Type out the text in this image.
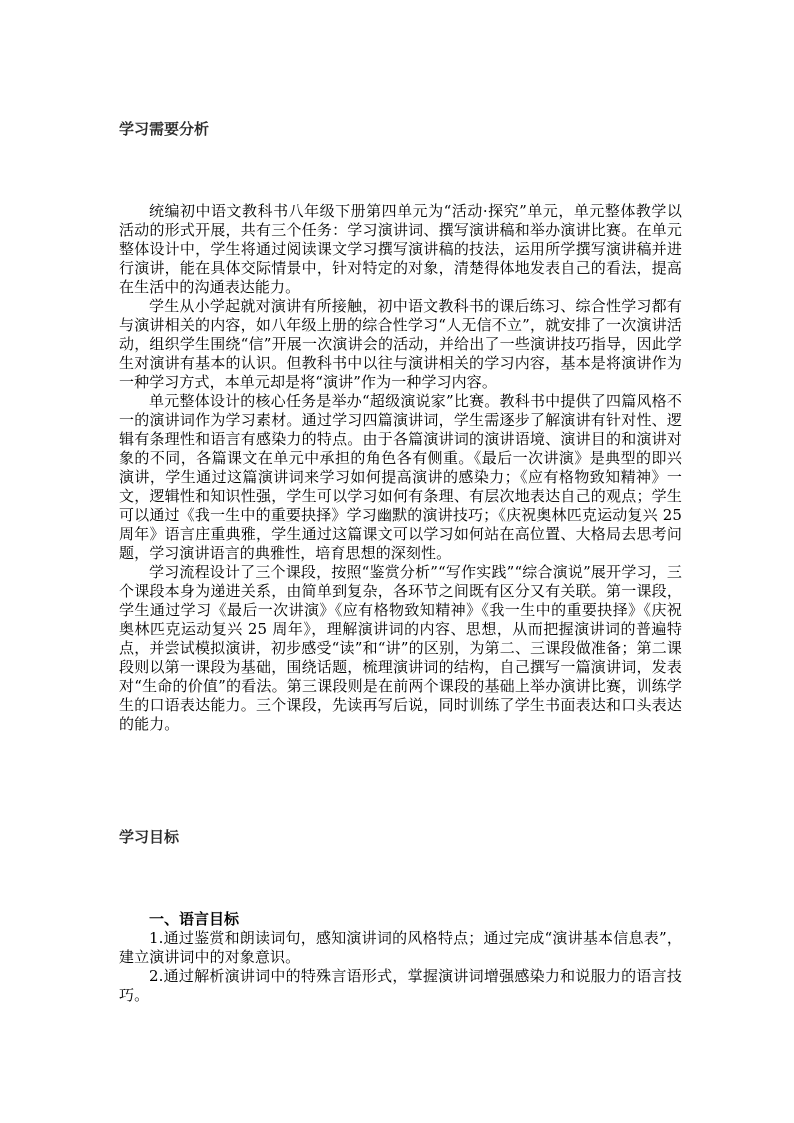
学习需要分析

统编初中语文教科书八年级下册第四单元为“活动·探究”单元，单元整体教学以活动的形式开展，共有三个任务：学习演讲词、撰写演讲稿和举办演讲比赛。在单元整体设计中，学生将通过阅读课文学习撰写演讲稿的技法，运用所学撰写演讲稿并进行演讲，能在具体交际情景中，针对特定的对象，清楚得体地发表自己的看法，提高在生活中的沟通表达能力。

学生从小学起就对演讲有所接触，初中语文教科书的课后练习、综合性学习都有与演讲相关的内容，如八年级上册的综合性学习“人无信不立”，就安排了一次演讲活动，组织学生围绕“信”开展一次演讲会的活动，并给出了一些演讲技巧指导，因此学生对演讲有基本的认识。但教科书中以往与演讲相关的学习内容，基本是将演讲作为一种学习方式，本单元却是将“演讲”作为一种学习内容。

单元整体设计的核心任务是举办“超级演说家”比赛。教科书中提供了四篇风格不一的演讲词作为学习素材。通过学习四篇演讲词，学生需逐步了解演讲有针对性、逻辑有条理性和语言有感染力的特点。由于各篇演讲词的演讲语境、演讲目的和演讲对象的不同，各篇课文在单元中承担的角色各有侧重。《最后一次讲演》是典型的即兴演讲，学生通过这篇演讲词来学习如何提高演讲的感染力；《应有格物致知精神》一文，逻辑性和知识性强，学生可以学习如何有条理、有层次地表达自己的观点；学生可以通过《我一生中的重要抉择》学习幽默的演讲技巧；《庆祝奥林匹克运动复兴 25 周年》语言庄重典雅，学生通过这篇课文可以学习如何站在高位置、大格局去思考问题，学习演讲语言的典雅性，培育思想的深刻性。

学习流程设计了三个课段，按照“鉴赏分析”“写作实践”“综合演说”展开学习，三个课段本身为递进关系，由简单到复杂，各环节之间既有区分又有关联。第一课段，学生通过学习《最后一次讲演》《应有格物致知精神》《我一生中的重要抉择》《庆祝奥林匹克运动复兴 25 周年》，理解演讲词的内容、思想，从而把握演讲词的普遍特点，并尝试模拟演讲，初步感受“读”和“讲”的区别，为第二、三课段做准备；第二课段则以第一课段为基础，围绕话题，梳理演讲词的结构，自己撰写一篇演讲词，发表对“生命的价值”的看法。第三课段则是在前两个课段的基础上举办演讲比赛，训练学生的口语表达能力。三个课段，先读再写后说，同时训练了学生书面表达和口头表达的能力。

学习目标

一、语言目标

1.通过鉴赏和朗读词句，感知演讲词的风格特点；通过完成“演讲基本信息表”，建立演讲词中的对象意识。

2.通过解析演讲词中的特殊言语形式，掌握演讲词增强感染力和说服力的语言技巧。
